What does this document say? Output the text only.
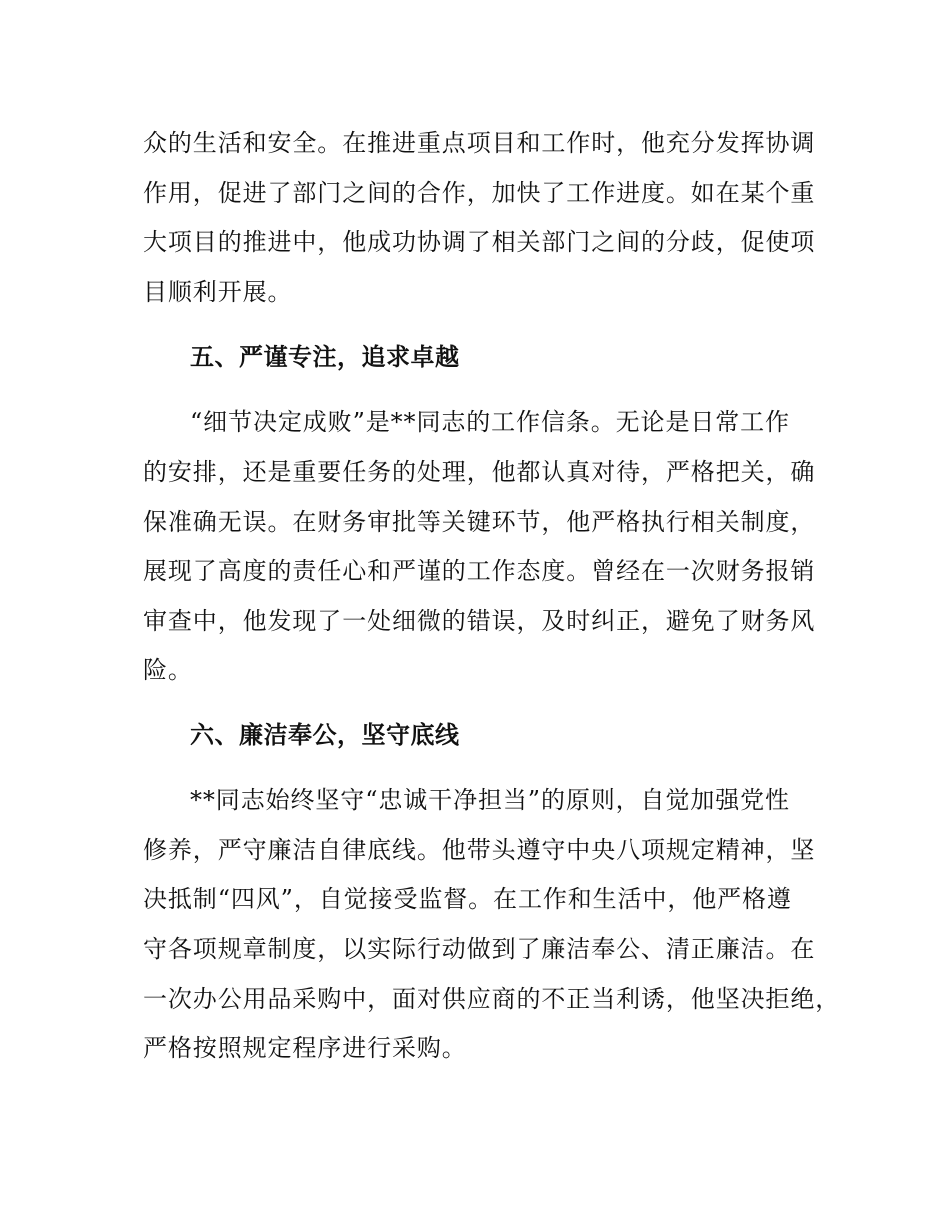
众的生活和安全。在推进重点项目和工作时，他充分发挥协调
作用，促进了部门之间的合作，加快了工作进度。如在某个重
大项目的推进中，他成功协调了相关部门之间的分歧，促使项
目顺利开展。
五、严谨专注，追求卓越
“细节决定成败”是**同志的工作信条。无论是日常工作
的安排，还是重要任务的处理，他都认真对待，严格把关，确
保准确无误。在财务审批等关键环节，他严格执行相关制度，
展现了高度的责任心和严谨的工作态度。曾经在一次财务报销
审查中，他发现了一处细微的错误，及时纠正，避免了财务风
险。
六、廉洁奉公，坚守底线
**同志始终坚守“忠诚干净担当”的原则，自觉加强党性
修养，严守廉洁自律底线。他带头遵守中央八项规定精神，坚
决抵制“四风”，自觉接受监督。在工作和生活中，他严格遵
守各项规章制度，以实际行动做到了廉洁奉公、清正廉洁。在
一次办公用品采购中，面对供应商的不正当利诱，他坚决拒绝，
严格按照规定程序进行采购。
